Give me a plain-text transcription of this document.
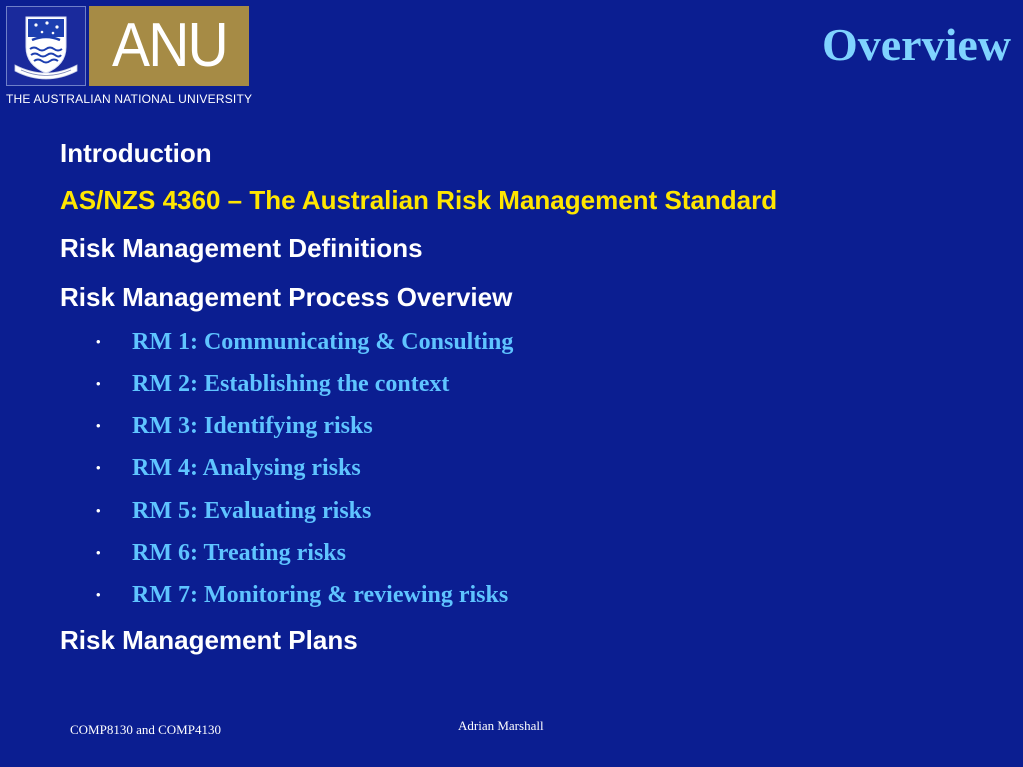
ANU
THE AUSTRALIAN NATIONAL UNIVERSITY
Overview
Introduction
AS/NZS 4360 – The Australian Risk Management Standard
Risk Management Definitions
Risk Management Process Overview
• RM 1: Communicating & Consulting
• RM 2: Establishing the context
• RM 3: Identifying risks
• RM 4: Analysing risks
• RM 5: Evaluating risks
• RM 6: Treating risks
• RM 7: Monitoring & reviewing risks
Risk Management Plans
COMP8130 and COMP4130	Adrian Marshall
